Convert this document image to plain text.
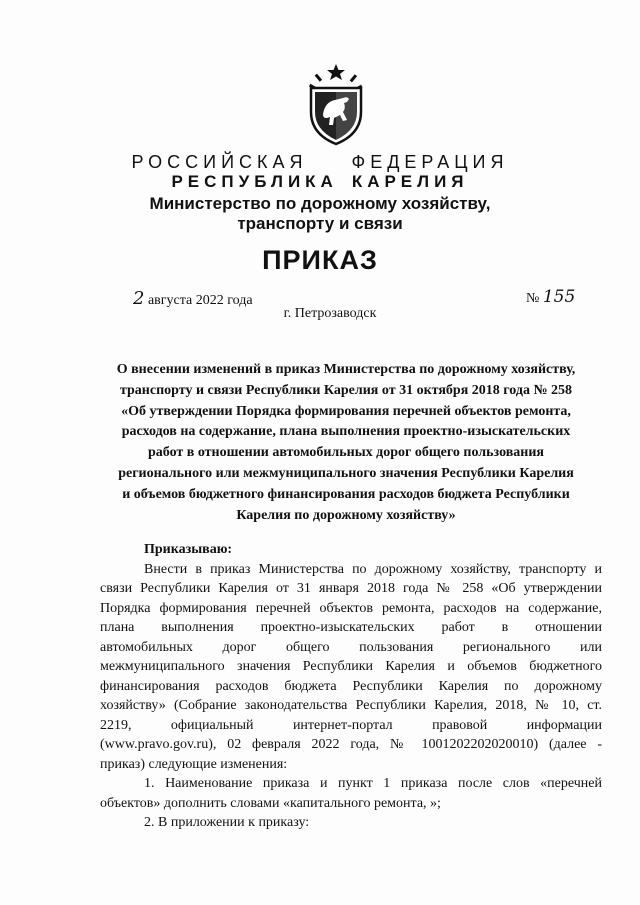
РОССИЙСКАЯ ФЕДЕРАЦИЯ
РЕСПУБЛИКА КАРЕЛИЯ
Министерство по дорожному хозяйству,
транспорту и связи
ПРИКАЗ
2 августа 2022 года	№ 155
г. Петрозаводск
О внесении изменений в приказ Министерства по дорожному хозяйству,
транспорту и связи Республики Карелия от 31 октября 2018 года № 258
«Об утверждении Порядка формирования перечней объектов ремонта,
расходов на содержание, плана выполнения проектно-изыскательских
работ в отношении автомобильных дорог общего пользования
регионального или межмуниципального значения Республики Карелия
и объемов бюджетного финансирования расходов бюджета Республики
Карелия по дорожному хозяйству»
Приказываю:
Внести в приказ Министерства по дорожному хозяйству, транспорту и
связи Республики Карелия от 31 января 2018 года № 258 «Об утверждении
Порядка формирования перечней объектов ремонта, расходов на содержание,
плана выполнения проектно-изыскательских работ в отношении
автомобильных дорог общего пользования регионального или
межмуниципального значения Республики Карелия и объемов бюджетного
финансирования расходов бюджета Республики Карелия по дорожному
хозяйству» (Собрание законодательства Республики Карелия, 2018, № 10, ст.
2219, официальный интернет-портал правовой информации
(www.pravo.gov.ru), 02 февраля 2022 года, № 1001202202020010) (далее -
приказ) следующие изменения:
1. Наименование приказа и пункт 1 приказа после слов «перечней
объектов» дополнить словами «капитального ремонта, »;
2. В приложении к приказу:
